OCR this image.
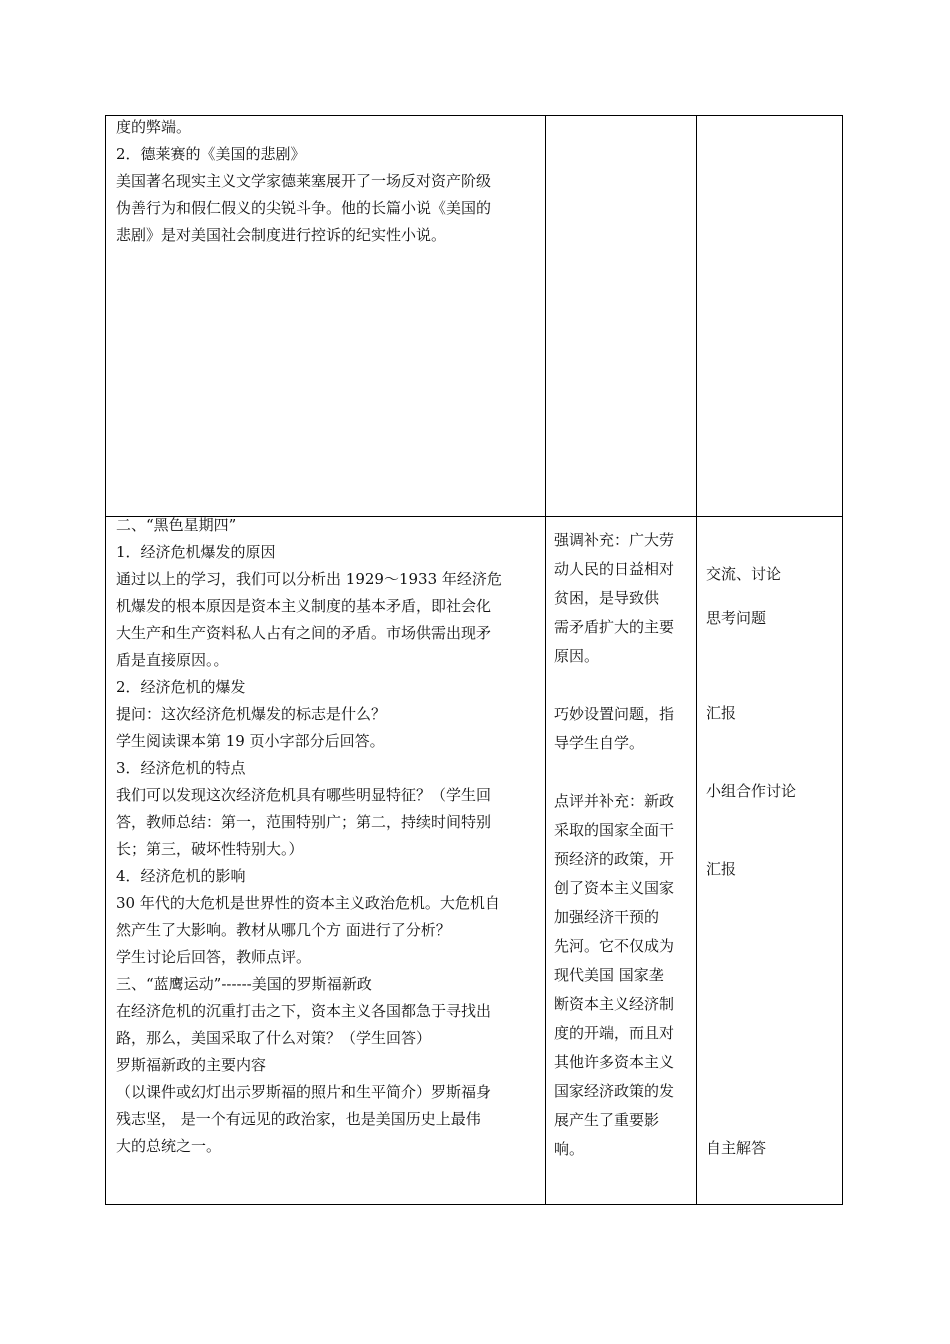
度的弊端。

2．德莱赛的《美国的悲剧》

美国著名现实主义文学家德莱塞展开了一场反对资产阶级

伪善行为和假仁假义的尖锐斗争。他的长篇小说《美国的

悲剧》是对美国社会制度进行控诉的纪实性小说。

二、“黑色星期四”

1．经济危机爆发的原因

通过以上的学习，我们可以分析出 1929～1933 年经济危

机爆发的根本原因是资本主义制度的基本矛盾，即社会化

大生产和生产资料私人占有之间的矛盾。市场供需出现矛

盾是直接原因。。

2．经济危机的爆发

提问：这次经济危机爆发的标志是什么？

学生阅读课本第 19 页小字部分后回答。

3．经济危机的特点

我们可以发现这次经济危机具有哪些明显特征？（学生回

答，教师总结：第一，范围特别广；第二，持续时间特别

长；第三，破坏性特别大。）

4．经济危机的影响

30 年代的大危机是世界性的资本主义政治危机。大危机自

然产生了大影响。教材从哪几个方 面进行了分析？

学生讨论后回答，教师点评。

三、“蓝鹰运动”------美国的罗斯福新政

在经济危机的沉重打击之下，资本主义各国都急于寻找出

路，那么，美国采取了什么对策？（学生回答）

罗斯福新政的主要内容

（以课件或幻灯出示罗斯福的照片和生平简介）罗斯福身

残志坚， 是一个有远见的政治家，也是美国历史上最伟

大的总统之一。

强调补充：广大劳

动人民的日益相对

贫困，是导致供

需矛盾扩大的主要

原因。

巧妙设置问题，指

导学生自学。

点评并补充：新政

采取的国家全面干

预经济的政策，开

创了资本主义国家

加强经济干预的

先河。它不仅成为

现代美国 国家垄

断资本主义经济制

度的开端，而且对

其他许多资本主义

国家经济政策的发

展产生了重要影

响。

交流、讨论

思考问题

汇报

小组合作讨论

汇报

自主解答
